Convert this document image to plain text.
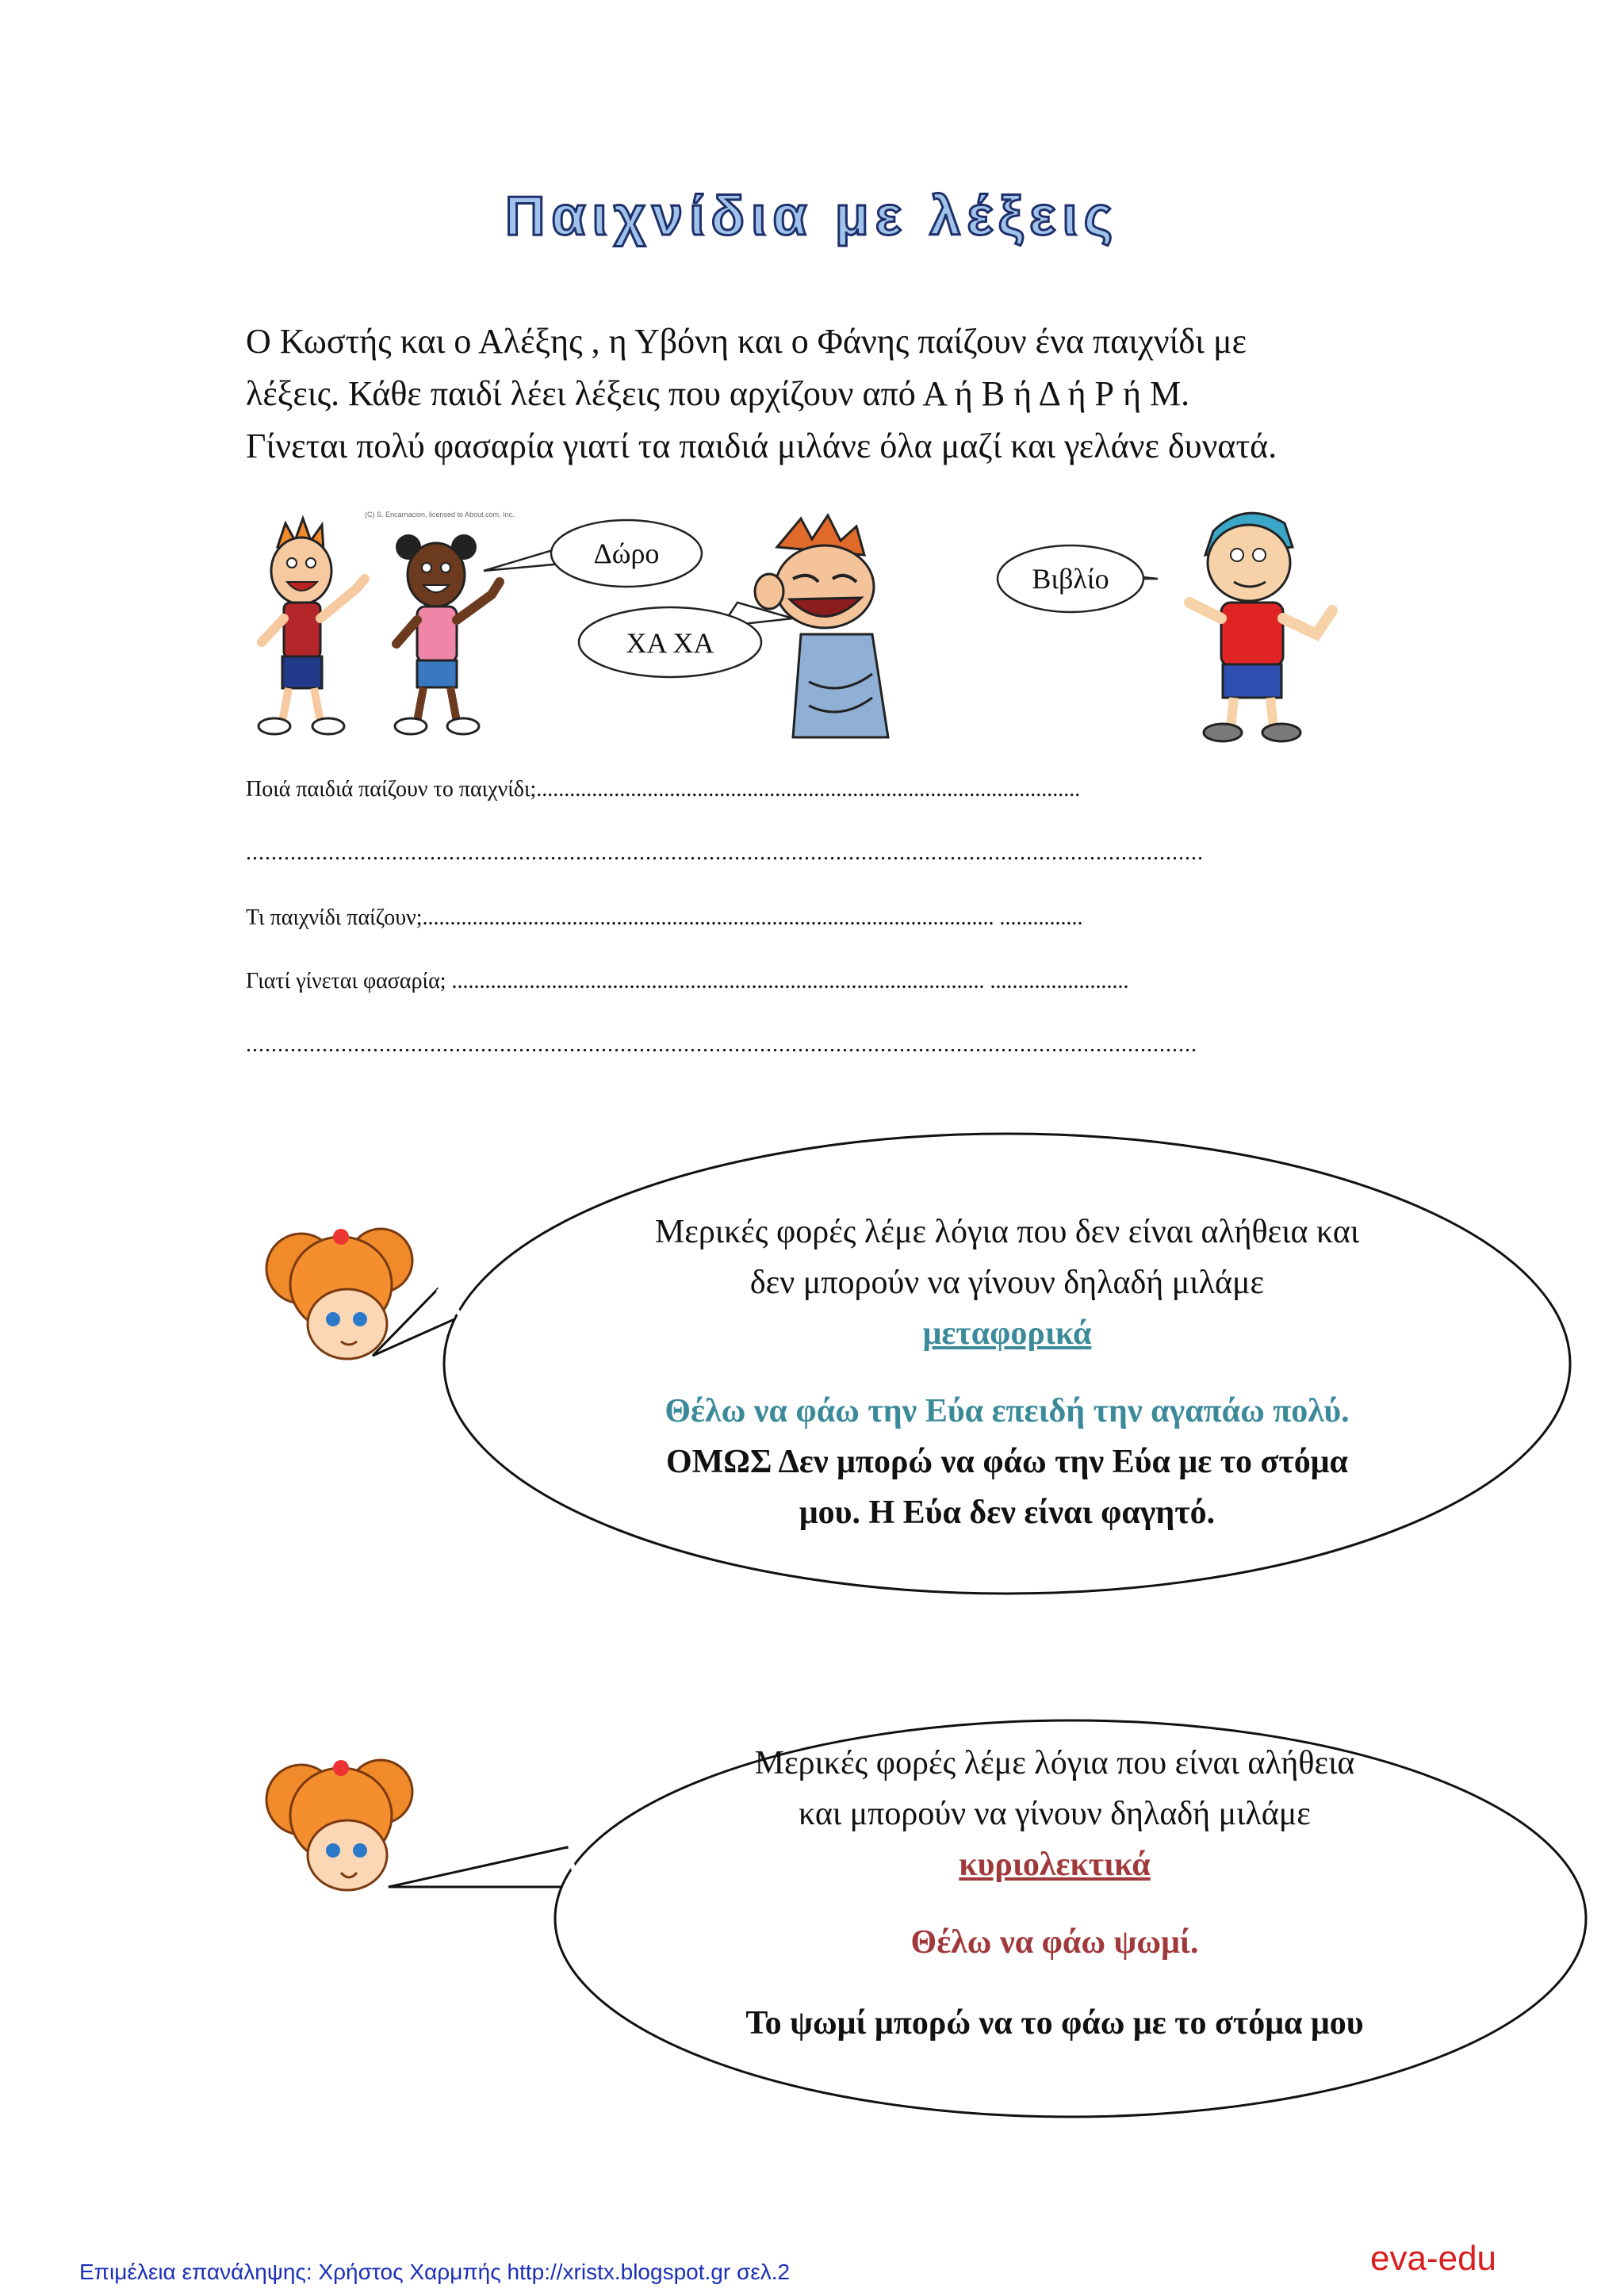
Παιχνίδια με λέξεις

Ο Κωστής και ο Αλέξης , η Υβόνη και ο Φάνης παίζουν ένα παιχνίδι με

λέξεις. Κάθε παιδί λέει λέξεις που αρχίζουν από Α ή Β ή Δ ή Ρ ή Μ.

Γίνεται πολύ φασαρία γιατί τα παιδιά μιλάνε όλα μαζί και γελάνε δυνατά.

(C) S. Encarnacion, licensed to About.com, Inc.
Δώρο
ΧΑ ΧΑ
Βιβλίο
Ποιά παιδιά παίζουν το παιχνίδι;..................................................................................................
.......................................................................................................................................................
Τι παιχνίδι παίζουν;....................................................................................................... ...............
Γιατί γίνεται φασαρία; ................................................................................................ .........................
......................................................................................................................................................
Μερικές φορές λέμε λόγια που δεν είναι αλήθεια και
δεν μπορούν να γίνουν δηλαδή μιλάμε
μεταφορικά
Θέλω να φάω την Εύα επειδή την αγαπάω πολύ.
ΟΜΩΣ Δεν μπορώ να φάω την Εύα με το στόμα
μου. Η Εύα δεν είναι φαγητό.
Μερικές φορές λέμε λόγια που είναι αλήθεια
και μπορούν να γίνουν δηλαδή μιλάμε
κυριολεκτικά
Θέλω να φάω ψωμί.
Το ψωμί μπορώ να το φάω με το στόμα μου
Επιμέλεια επανάληψης: Χρήστος Χαρμπής http://xristx.blogspot.gr σελ.2	eva-edu
